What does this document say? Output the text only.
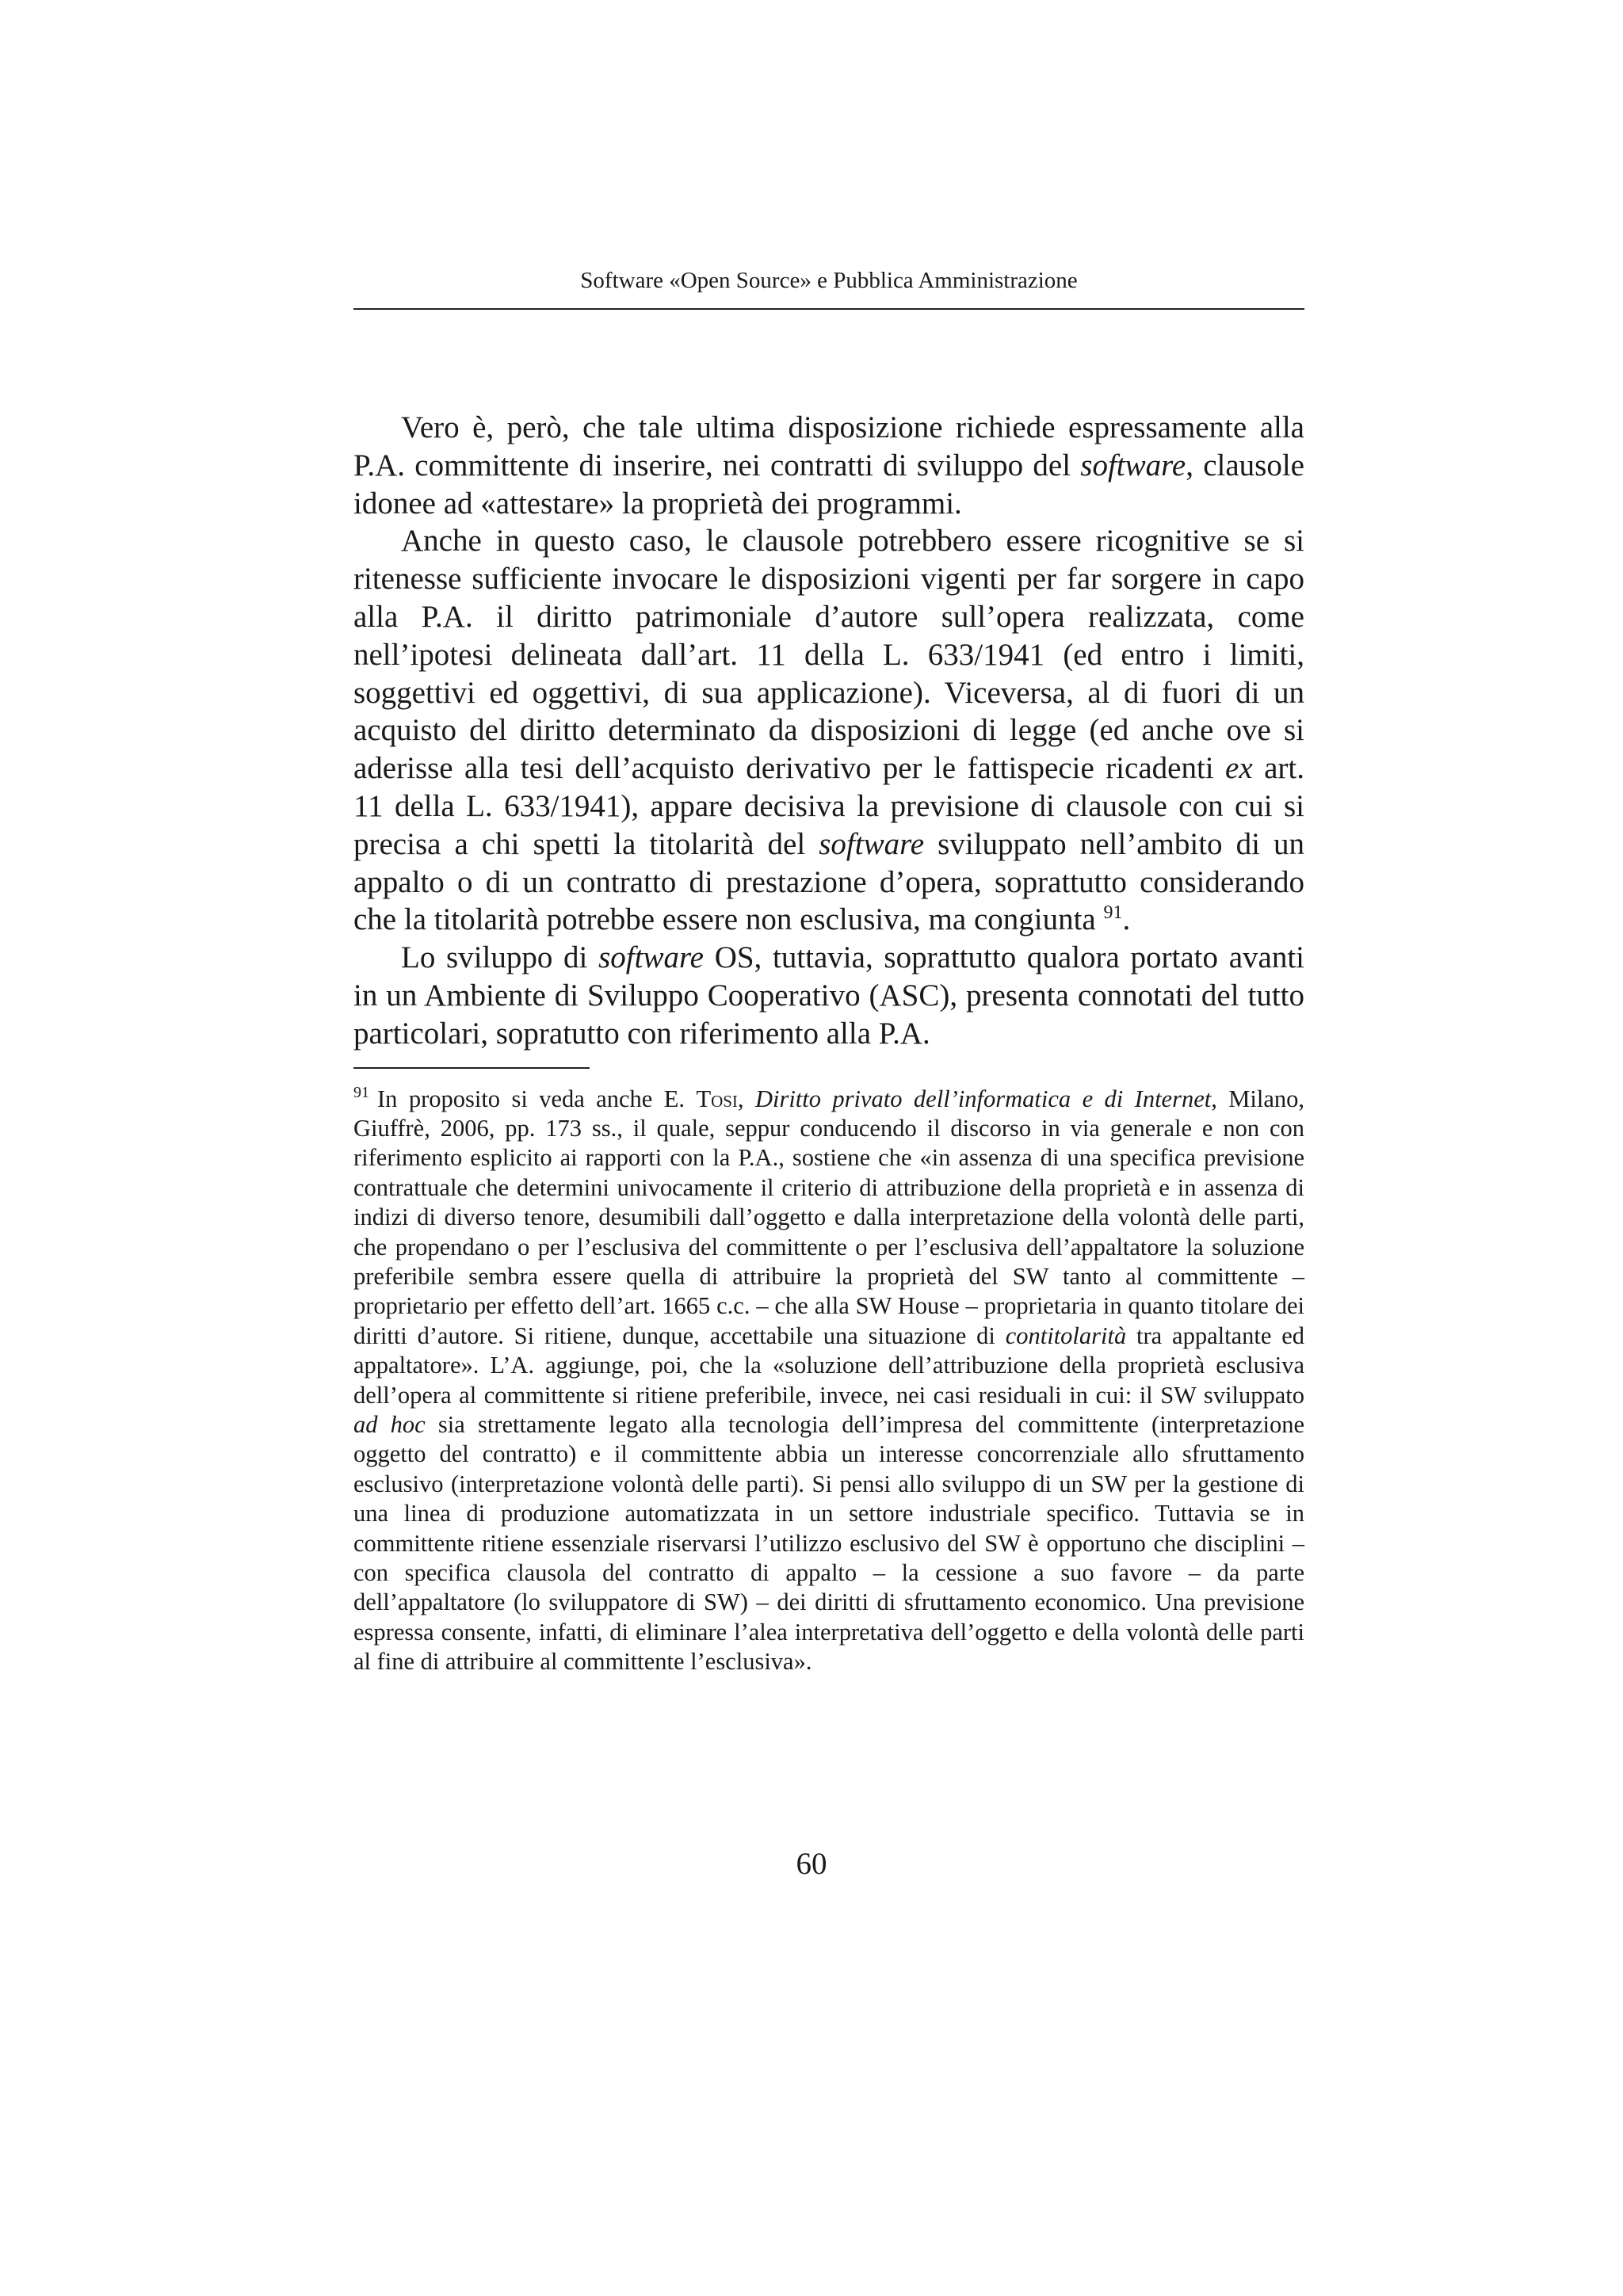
Software «Open Source» e Pubblica Amministrazione

Vero è, però, che tale ultima disposizione richiede espressamente alla P.A. committente di inserire, nei contratti di sviluppo del software, clausole idonee ad «attestare» la proprietà dei programmi.

Anche in questo caso, le clausole potrebbero essere ricognitive se si ritenesse sufficiente invocare le disposizioni vigenti per far sorgere in capo alla P.A. il diritto patrimoniale d’autore sull’opera realizzata, come nell’ipotesi delineata dall’art. 11 della L. 633/1941 (ed entro i limiti, soggettivi ed oggettivi, di sua applicazione). Viceversa, al di fuori di un acquisto del diritto determinato da disposizioni di legge (ed anche ove si aderisse alla tesi dell’acquisto derivativo per le fattispecie ricadenti ex art. 11 della L. 633/1941), appare decisiva la previsione di clausole con cui si precisa a chi spetti la titolarità del software sviluppato nell’ambito di un appalto o di un contratto di prestazione d’opera, soprattutto considerando che la titolarità potrebbe essere non esclusiva, ma congiunta $^{91}$.

Lo sviluppo di software OS, tuttavia, soprattutto qualora portato avanti in un Ambiente di Sviluppo Cooperativo (ASC), presenta connotati del tutto particolari, sopratutto con riferimento alla P.A.

$^{91}$ In proposito si veda anche E. Tosi, Diritto privato dell’informatica e di Internet, Milano, Giuffrè, 2006, pp. 173 ss., il quale, seppur conducendo il discorso in via generale e non con riferimento esplicito ai rapporti con la P.A., sostiene che «in assenza di una specifica previsione contrattuale che determini univocamente il criterio di attribuzione della proprietà e in assenza di indizi di diverso tenore, desumibili dall’oggetto e dalla interpretazione della volontà delle parti, che propendano o per l’esclusiva del committente o per l’esclusiva dell’appaltatore la soluzione preferibile sembra essere quella di attribuire la proprietà del SW tanto al committente – proprietario per effetto dell’art. 1665 c.c. – che alla SW House – proprietaria in quanto titolare dei diritti d’autore. Si ritiene, dunque, accettabile una situazione di contitolarità tra appaltante ed appaltatore». L’A. aggiunge, poi, che la «soluzione dell’attribuzione della proprietà esclusiva dell’opera al committente si ritiene preferibile, invece, nei casi residuali in cui: il SW sviluppato ad hoc sia strettamente legato alla tecnologia dell’impresa del committente (interpretazione oggetto del contratto) e il committente abbia un interesse concorrenziale allo sfruttamento esclusivo (interpretazione volontà delle parti). Si pensi allo sviluppo di un SW per la gestione di una linea di produzione automatizzata in un settore industriale specifico. Tuttavia se in committente ritiene essenziale riservarsi l’utilizzo esclusivo del SW è opportuno che disciplini – con specifica clausola del contratto di appalto – la cessione a suo favore – da parte dell’appaltatore (lo sviluppatore di SW) – dei diritti di sfruttamento economico. Una previsione espressa consente, infatti, di eliminare l’alea interpretativa dell’oggetto e della volontà delle parti al fine di attribuire al committente l’esclusiva».

60
